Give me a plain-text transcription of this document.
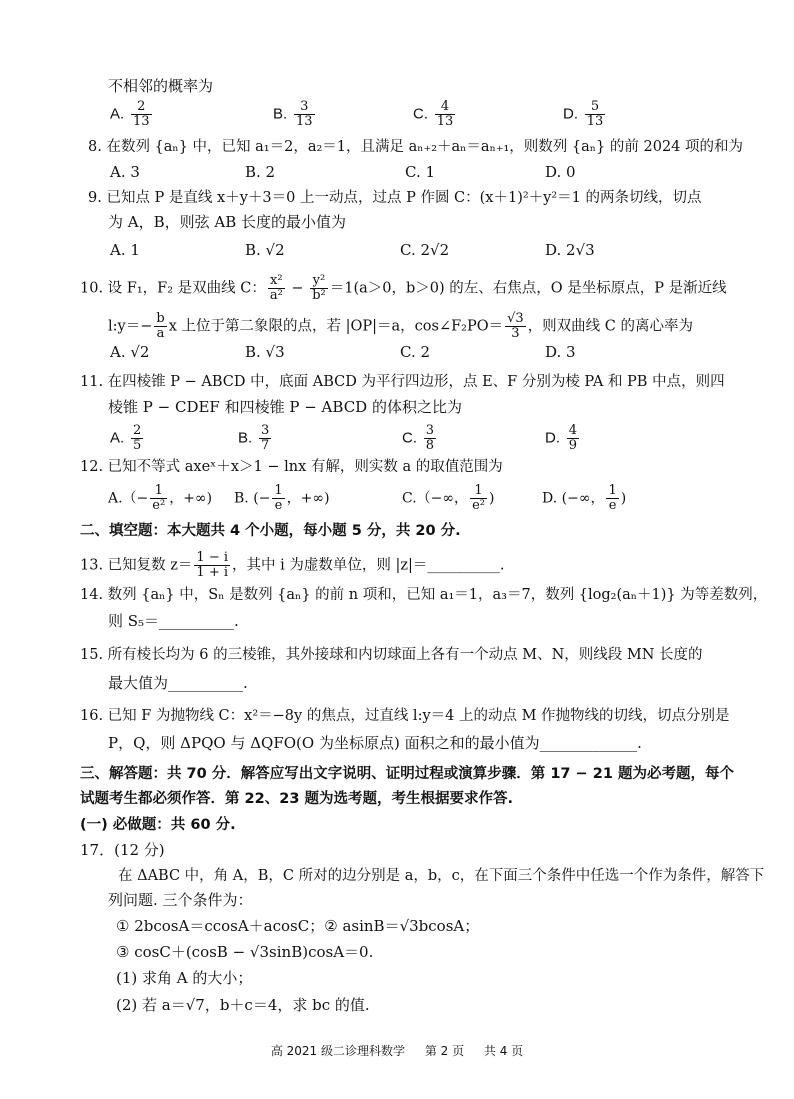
不相邻的概率为
A. $\frac{2}{13}$	B. $\frac{3}{13}$	C. $\frac{4}{13}$	D. $\frac{5}{13}$
8. 在数列 {aₙ} 中，已知 a₁＝2，a₂＝1，且满足 aₙ₊₂＋aₙ＝aₙ₊₁，则数列 {aₙ} 的前 2024 项的和为
A. 3	B. 2	C. 1	D. 0
9. 已知点 P 是直线 x＋y＋3＝0 上一动点，过点 P 作圆 C：(x＋1)²＋y²＝1 的两条切线，切点
为 A，B，则弦 AB 长度的最小值为
A. 1	B. √2	C. 2√2	D. 2√3
10. 设 F₁，F₂ 是双曲线 C： $\frac{\text{x²}}{\text{a²}} - \frac{\text{y²}}{\text{b²}} =1(a>0$，b＞0) 的左、右焦点，O 是坐标原点，P 是渐近线
l:y＝− $\frac{b}{a}$ x 上位于第二象限的点，若 |OP|＝a，cos∠F₂PO＝ $\frac{√3}{3}$ ，则双曲线 C 的离心率为
A. √2	B. √3	C. 2	D. 3
11. 在四棱锥 P − ABCD 中，底面 ABCD 为平行四边形，点 E、F 分别为棱 PA 和 PB 中点，则四
棱锥 P − CDEF 和四棱锥 P − ABCD 的体积之比为
A. $\frac{2}{5}$	B. $\frac{3}{7}$	C. $\frac{3}{8}$	D. $\frac{4}{9}$
12. 已知不等式 axeˣ＋x＞1 − lnx 有解，则实数 a 的取值范围为
$A.(- \frac{1}{\text{e²}}$ ，+∞) B. (− $\frac{1}{e}$ ，+∞)	C.（−∞， $\frac{1}{\text{e²}}$ )	D. (−∞， $\frac{1}{e}$ )
二、填空题：本大题共 4 个小题，每小题 5 分，共 20 分.
13. 已知复数 $z= \frac{1 - i}{1 + i}$ ，其中 i 为虚数单位，则 |z|＝__________.
14. 数列 {aₙ} 中，Sₙ 是数列 {aₙ} 的前 n 项和，已知 a₁＝1，a₃＝7，数列 {log₂(aₙ＋1)} 为等差数列，
则 S₅＝__________.
15. 所有棱长均为 6 的三棱锥，其外接球和内切球面上各有一个动点 M、N，则线段 MN 长度的
最大值为__________.
16. 已知 F 为抛物线 C：x²＝−8y 的焦点，过直线 l:y＝4 上的动点 M 作抛物线的切线，切点分别是
P，Q，则 ΔPQO 与 ΔQFO(O 为坐标原点) 面积之和的最小值为_____________.
三、解答题：共 70 分．解答应写出文字说明、证明过程或演算步骤．第 17 − 21 题为必考题，每个
试题考生都必须作答．第 22、23 题为选考题，考生根据要求作答.
(一) 必做题：共 60 分.
17．(12 分)
在 ΔABC 中，角 A，B，C 所对的边分别是 a，b，c，在下面三个条件中任选一个作为条件，解答下
列问题. 三个条件为：
① 2bcosA＝ccosA＋acosC；② asinB＝√3bcosA；
③ cosC＋(cosB − √3sinB)cosA＝0.
(1) 求角 A 的大小；
(2) 若 a＝√7，b＋c＝4，求 bc 的值.
高 2021 级二诊理科数学 第 2 页 共 4 页
